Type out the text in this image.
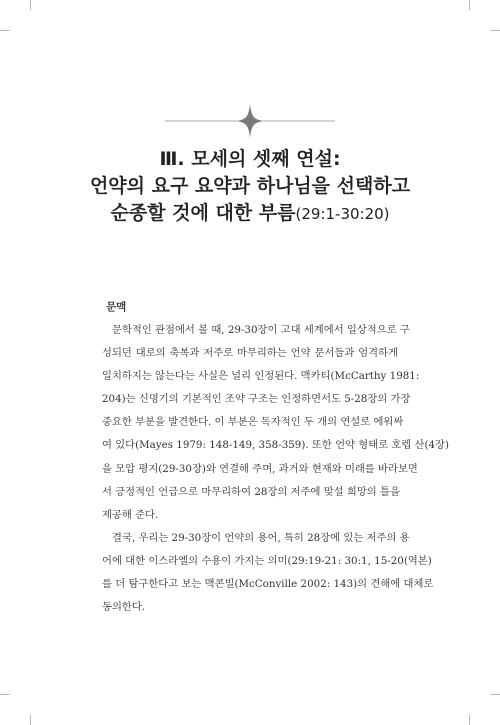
Ⅲ. 모세의 셋째 연설:
언약의 요구 요약과 하나님을 선택하고
순종할 것에 대한 부름(29:1-30:20)
문맥
문학적인 관점에서 볼 때, 29-30장이 고대 세계에서 일상적으로 구
성되던 대로의 축복과 저주로 마무리하는 언약 문서들과 엄격하게
일치하지는 않는다는 사실은 널리 인정된다. 맥카티(McCarthy 1981:
204)는 신명기의 기본적인 조약 구조는 인정하면서도 5-28장의 가장
중요한 부분을 발견한다. 이 부분은 독자적인 두 개의 연설로 에워싸
여 있다(Mayes 1979: 148-149, 358-359). 또한 언약 형태로 호렙 산(4장)
을 모압 평지(29-30장)와 연결해 주며, 과거와 현재와 미래를 바라보면
서 긍정적인 언급으로 마무리하여 28장의 저주에 맞설 희망의 틀을
제공해 준다.
결국, 우리는 29-30장이 언약의 용어, 특히 28장에 있는 저주의 용
어에 대한 이스라엘의 수용이 가지는 의미(29:19-21: 30:1, 15-20(역본)
를 더 탐구한다고 보는 맥콘빌(McConville 2002: 143)의 견해에 대체로
동의한다.
